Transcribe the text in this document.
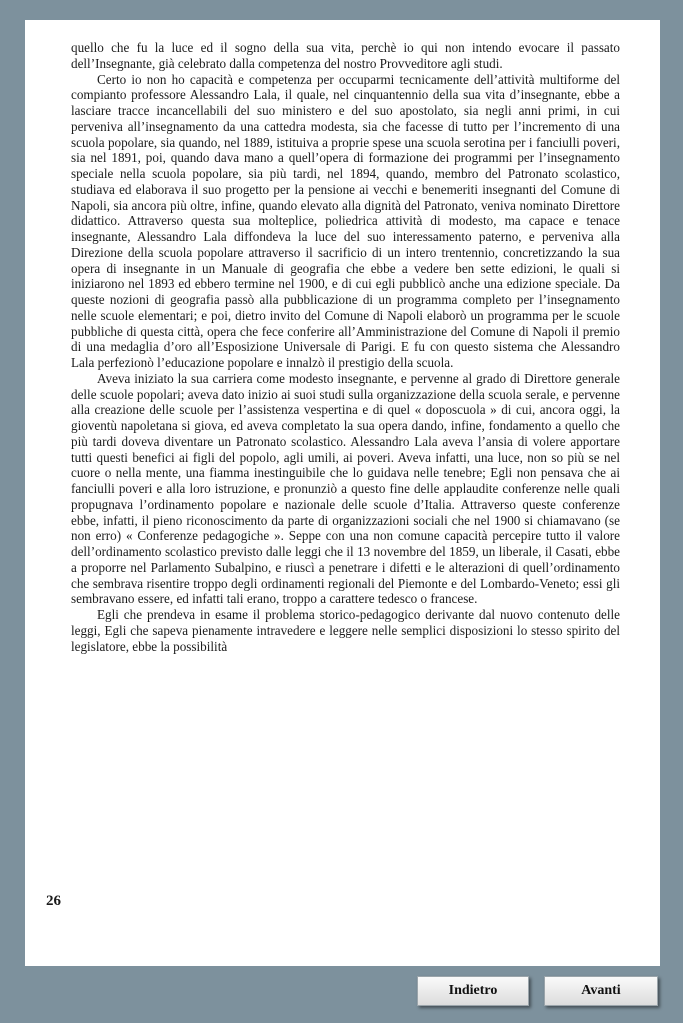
quello che fu la luce ed il sogno della sua vita, perchè io qui non intendo evocare il passato dell’Insegnante, già celebrato dalla competenza del nostro Provveditore agli studi.

Certo io non ho capacità e competenza per occuparmi tecnicamente dell’attività multiforme del compianto professore Alessandro Lala, il quale, nel cinquantennio della sua vita d’insegnante, ebbe a lasciare tracce incancellabili del suo ministero e del suo apostolato, sia negli anni primi, in cui perveniva all’insegnamento da una cattedra modesta, sia che facesse di tutto per l’incremento di una scuola popolare, sia quando, nel 1889, istituiva a proprie spese una scuola serotina per i fanciulli poveri, sia nel 1891, poi, quando dava mano a quell’opera di formazione dei programmi per l’insegnamento speciale nella scuola popolare, sia più tardi, nel 1894, quando, membro del Patronato scolastico, studiava ed elaborava il suo progetto per la pensione ai vecchi e benemeriti insegnanti del Comune di Napoli, sia ancora più oltre, infine, quando elevato alla dignità del Patronato, veniva nominato Direttore didattico. Attraverso questa sua molteplice, poliedrica attività di modesto, ma capace e tenace insegnante, Alessandro Lala diffondeva la luce del suo interessamento paterno, e perveniva alla Direzione della scuola popolare attraverso il sacrificio di un intero trentennio, concretizzando la sua opera di insegnante in un Manuale di geografia che ebbe a vedere ben sette edizioni, le quali si iniziarono nel 1893 ed ebbero termine nel 1900, e di cui egli pubblicò anche una edizione speciale. Da queste nozioni di geografia passò alla pubblicazione di un programma completo per l’insegnamento nelle scuole elementari; e poi, dietro invito del Comune di Napoli elaborò un programma per le scuole pubbliche di questa città, opera che fece conferire all’Amministrazione del Comune di Napoli il premio di una medaglia d’oro all’Esposizione Universale di Parigi. E fu con questo sistema che Alessandro Lala perfezionò l’educazione popolare e innalzò il prestigio della scuola.

Aveva iniziato la sua carriera come modesto insegnante, e pervenne al grado di Direttore generale delle scuole popolari; aveva dato inizio ai suoi studi sulla organizzazione della scuola serale, e pervenne alla creazione delle scuole per l’assistenza vespertina e di quel « doposcuola » di cui, ancora oggi, la gioventù napoletana si giova, ed aveva completato la sua opera dando, infine, fondamento a quello che più tardi doveva diventare un Patronato scolastico. Alessandro Lala aveva l’ansia di volere apportare tutti questi benefici ai figli del popolo, agli umili, ai poveri. Aveva infatti, una luce, non so più se nel cuore o nella mente, una fiamma inestinguibile che lo guidava nelle tenebre; Egli non pensava che ai fanciulli poveri e alla loro istruzione, e pronunziò a questo fine delle applaudite conferenze nelle quali propugnava l’ordinamento popolare e nazionale delle scuole d’Italia. Attraverso queste conferenze ebbe, infatti, il pieno riconoscimento da parte di organizzazioni sociali che nel 1900 si chiamavano (se non erro) « Conferenze pedagogiche ». Seppe con una non comune capacità percepire tutto il valore dell’ordinamento scolastico previsto dalle leggi che il 13 novembre del 1859, un liberale, il Casati, ebbe a proporre nel Parlamento Subalpino, e riuscì a penetrare i difetti e le alterazioni di quell’ordinamento che sembrava risentire troppo degli ordinamenti regionali del Piemonte e del Lombardo-Veneto; essi gli sembravano essere, ed infatti tali erano, troppo a carattere tedesco o francese.

Egli che prendeva in esame il problema storico-pedagogico derivante dal nuovo contenuto delle leggi, Egli che sapeva pienamente intravedere e leggere nelle semplici disposizioni lo stesso spirito del legislatore, ebbe la possibilità

26
Indietro	Avanti
